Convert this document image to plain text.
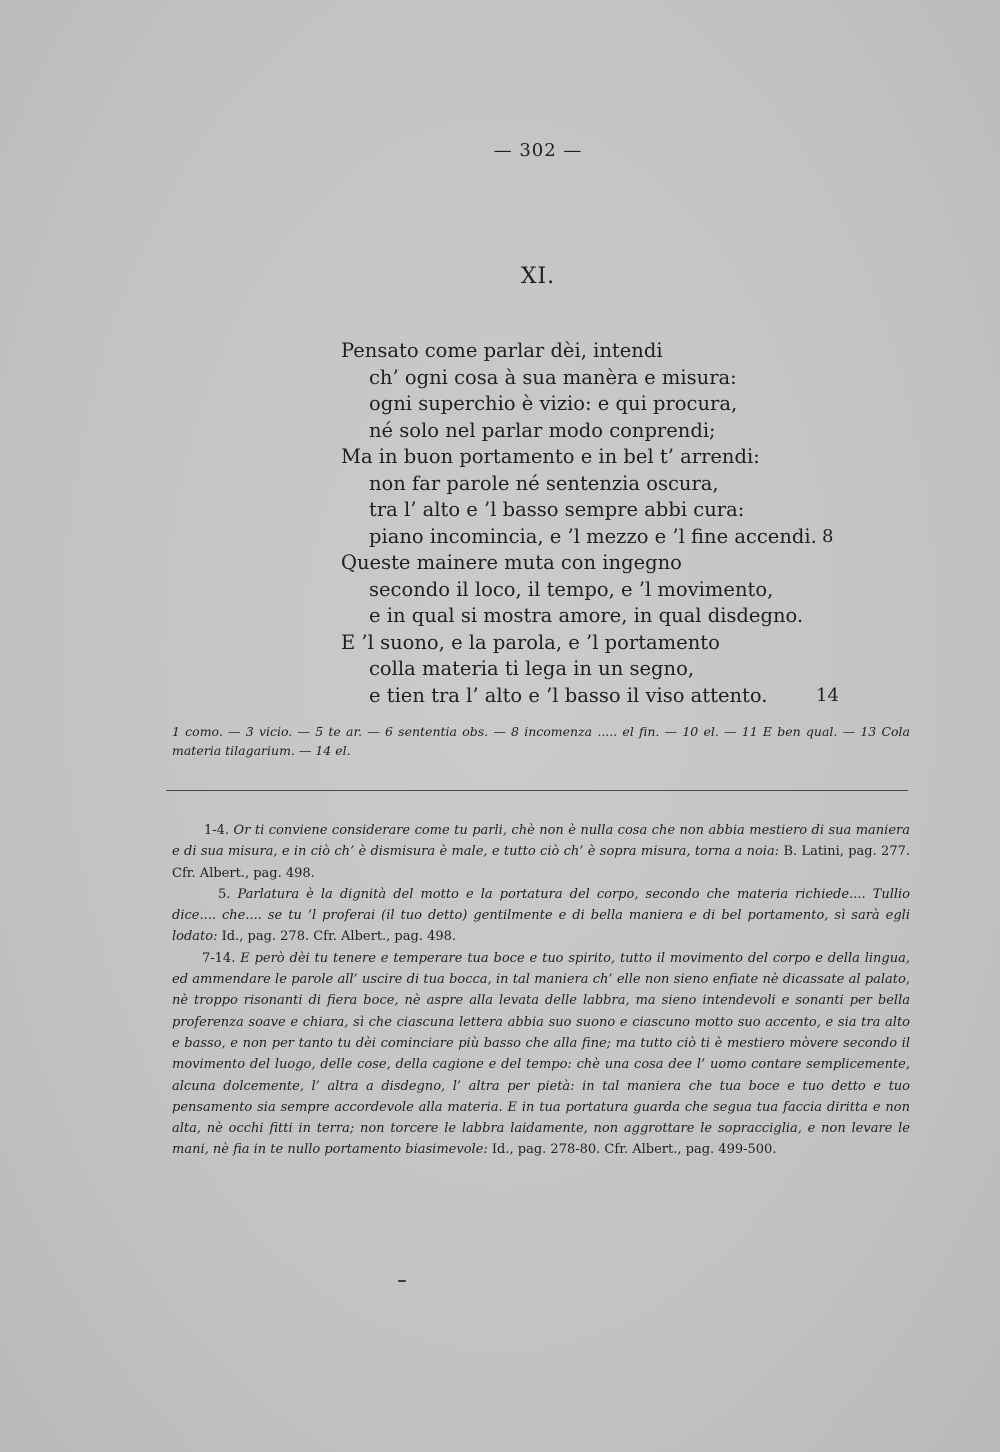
— 302 —
XI.
Pensato come parlar dèi, intendi
ch’ ogni cosa à sua manèra e misura:
ogni superchio è vizio: e qui procura,
né solo nel parlar modo conprendi;
Ma in buon portamento e in bel t’ arrendi:
non far parole né sentenzia oscura,
tra l’ alto e ’l basso sempre abbi cura:
piano incomincia, e ’l mezzo e ’l fine accendi. 8
Queste mainere muta con ingegno
secondo il loco, il tempo, e ’l movimento,
e in qual si mostra amore, in qual disdegno.
E ’l suono, e la parola, e ’l portamento
colla materia ti lega in un segno,
e tien tra l’ alto e ’l basso il viso attento.	14
1 como. — 3 vicio. — 5 te ar. — 6 sententia obs. — 8 incomenza ..... el fin. — 10 el. — 11 E ben qual. — 13 Cola materia tilagarium. — 14 el.

1-4. Or ti conviene considerare come tu parli, chè non è nulla cosa che non abbia mestiero di sua maniera e di sua misura, e in ciò ch’ è dismisura è male, e tutto ciò ch’ è sopra misura, torna a noia: B. Latini, pag. 277. Cfr. Albert., pag. 498.

5. Parlatura è la dignità del motto e la portatura del corpo, secondo che materia richiede.... Tullio dice.... che.... se tu ’l proferai (il tuo detto) gentilmente e di bella maniera e di bel portamento, sì sarà egli lodato: Id., pag. 278. Cfr. Albert., pag. 498.

7-14. E però dèi tu tenere e temperare tua boce e tuo spirito, tutto il movimento del corpo e della lingua, ed ammendare le parole all’ uscire di tua bocca, in tal maniera ch’ elle non sieno enfiate nè dicassate al palato, nè troppo risonanti di fiera boce, nè aspre alla levata delle labbra, ma sieno intendevoli e sonanti per bella proferenza soave e chiara, sì che ciascuna lettera abbia suo suono e ciascuno motto suo accento, e sia tra alto e basso, e non per tanto tu dèi cominciare più basso che alla fine; ma tutto ciò ti è mestiero mòvere secondo il movimento del luogo, delle cose, della cagione e del tempo: chè una cosa dee l’ uomo contare semplicemente, alcuna dolcemente, l’ altra a disdegno, l’ altra per pietà: in tal maniera che tua boce e tuo detto e tuo pensamento sia sempre accordevole alla materia. E in tua portatura guarda che segua tua faccia diritta e non alta, nè occhi fitti in terra; non torcere le labbra laidamente, non aggrottare le sopracciglia, e non levare le mani, nè fia in te nullo portamento biasimevole: Id., pag. 278-80. Cfr. Albert., pag. 499-500.
